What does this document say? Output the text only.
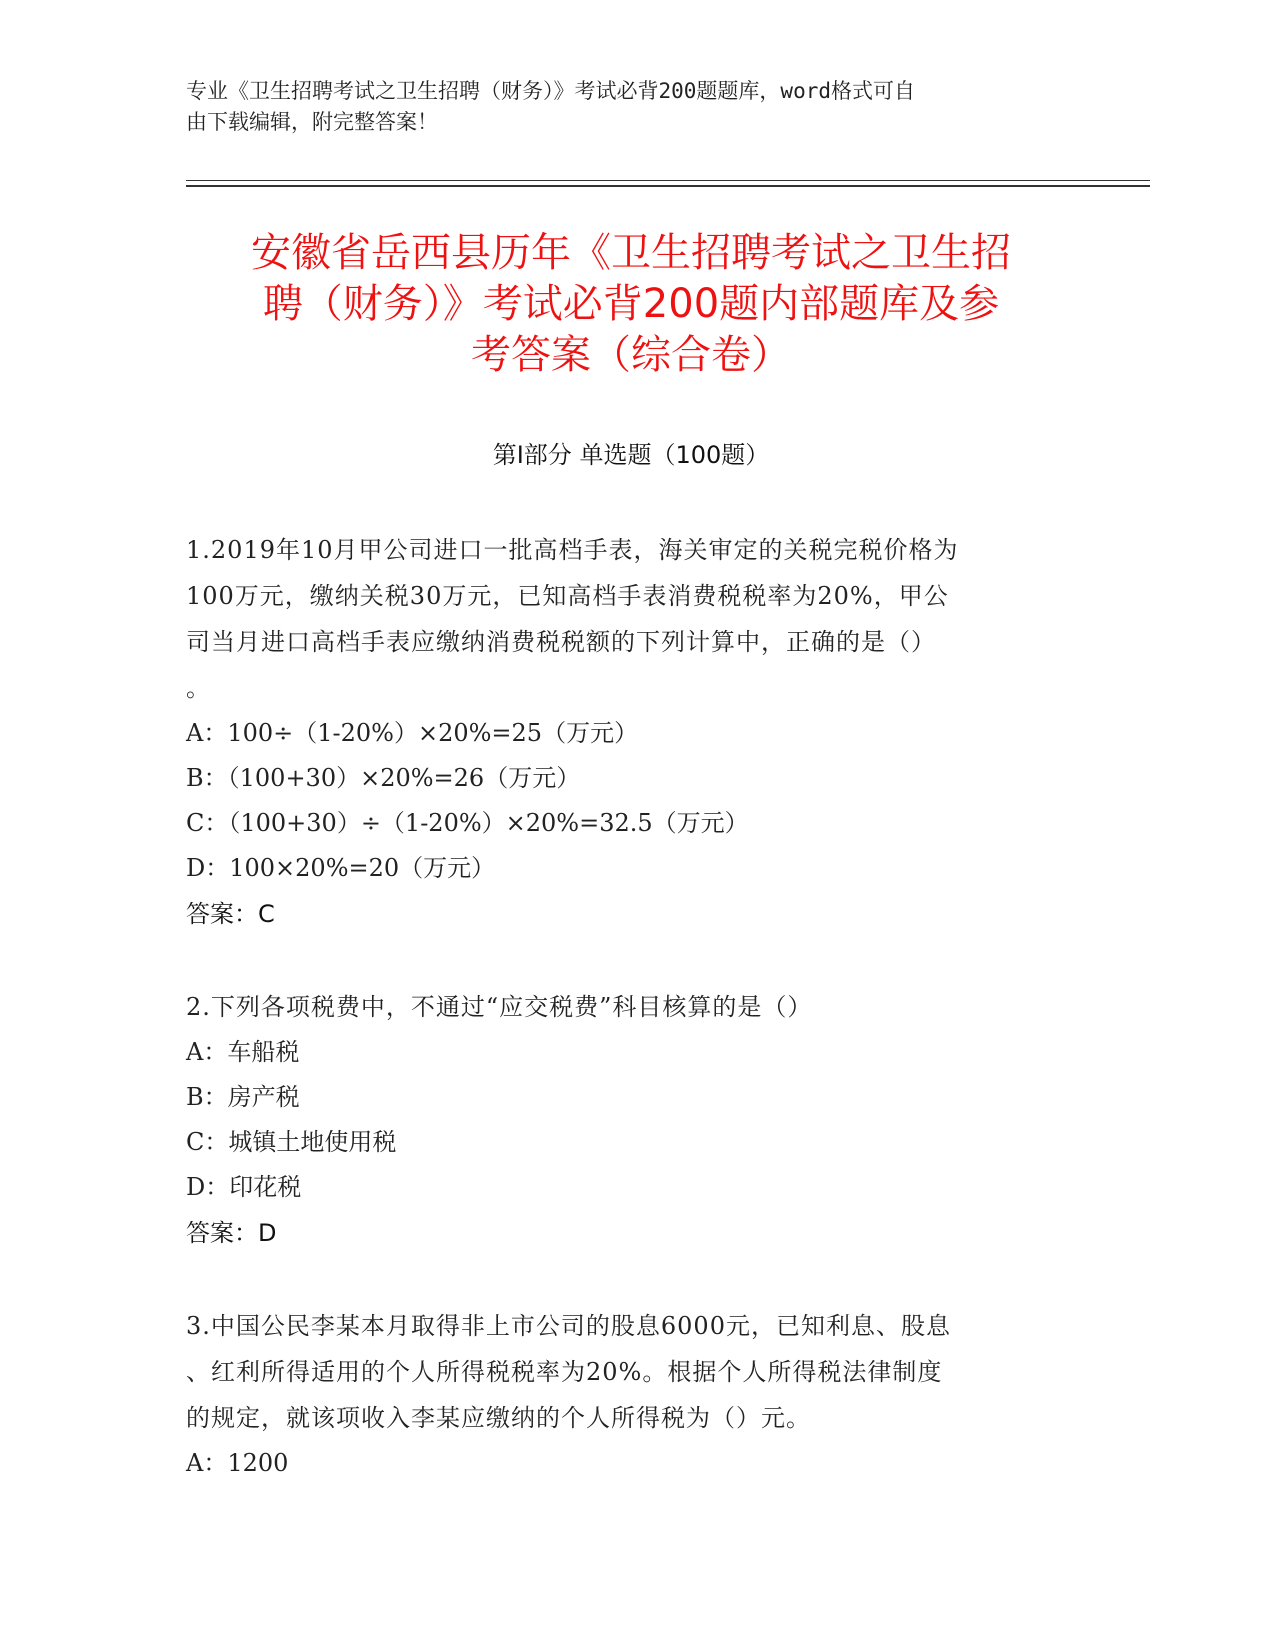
专业《卫生招聘考试之卫生招聘（财务）》考试必背200题题库，word格式可自
由下载编辑，附完整答案！
安徽省岳西县历年《卫生招聘考试之卫生招
聘（财务）》考试必背200题内部题库及参
考答案（综合卷）
第Ⅰ部分 单选题（100题）
1.2019年10月甲公司进口一批高档手表，海关审定的关税完税价格为
100万元，缴纳关税30万元，已知高档手表消费税税率为20%，甲公
司当月进口高档手表应缴纳消费税税额的下列计算中，正确的是（）
。
A：100÷（1-20%）×20%=25（万元）
B：（100+30）×20%=26（万元）
C：（100+30）÷（1-20%）×20%=32.5（万元）
D：100×20%=20（万元）
答案：C
2.下列各项税费中，不通过“应交税费”科目核算的是（）
A：车船税
B：房产税
C：城镇土地使用税
D：印花税
答案：D
3.中国公民李某本月取得非上市公司的股息6000元，已知利息、股息
、红利所得适用的个人所得税税率为20%。根据个人所得税法律制度
的规定，就该项收入李某应缴纳的个人所得税为（）元。
A：1200
